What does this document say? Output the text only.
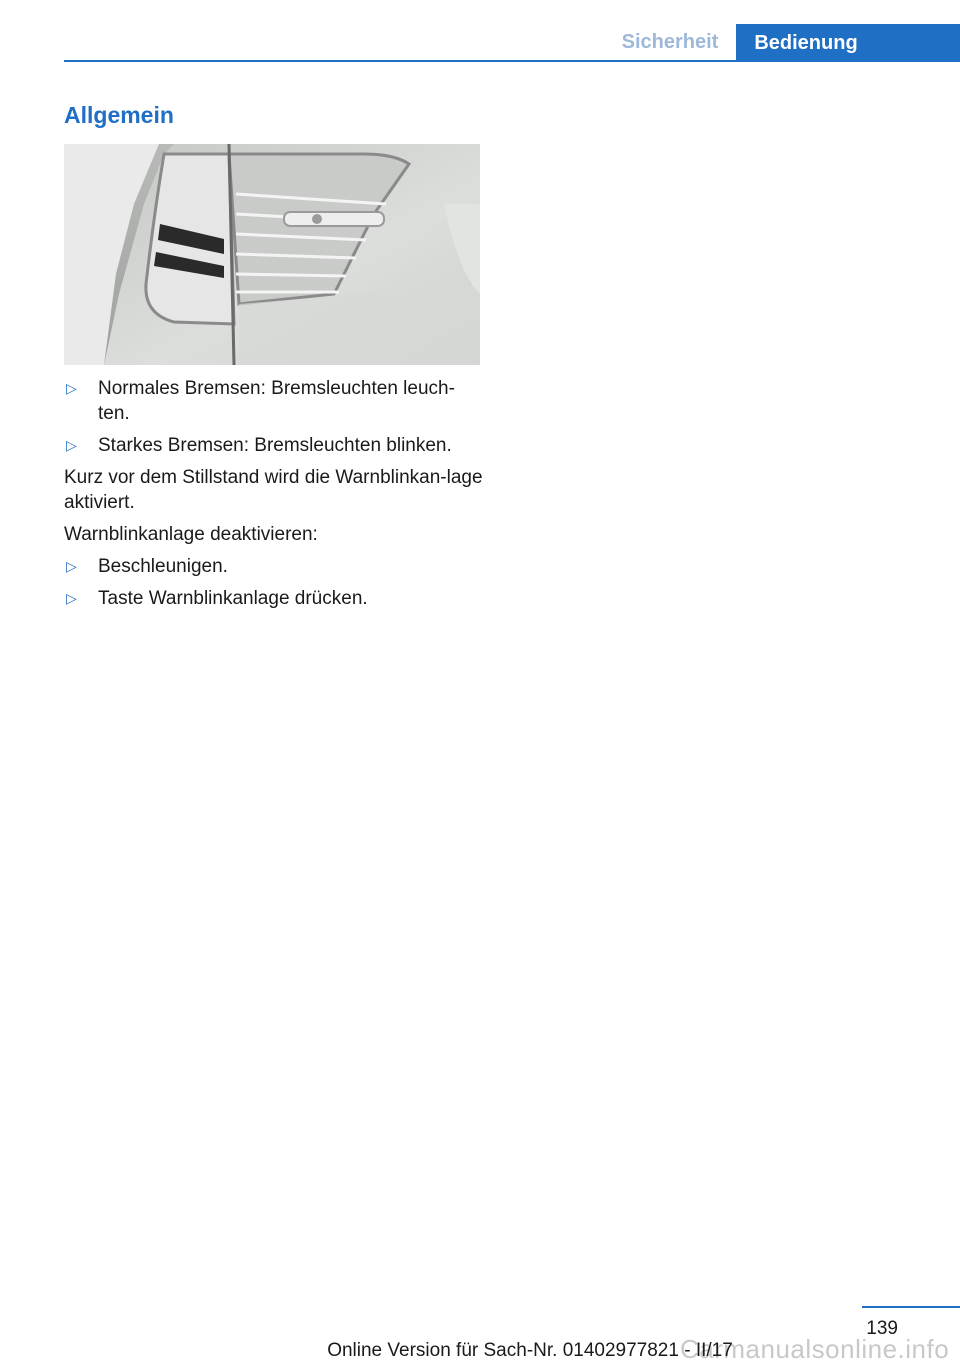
Sicherheit	Bedienung
Allgemein
▷	Normales Bremsen: Bremsleuchten leuch-ten.
▷	Starkes Bremsen: Bremsleuchten blinken.

Kurz vor dem Stillstand wird die Warnblinkan-lage aktiviert.

Warnblinkanlage deaktivieren:

▷	Beschleunigen.
▷	Taste Warnblinkanlage drücken.
139
Carmanualsonline.info
Online Version für Sach-Nr. 01402977821 - II/17
